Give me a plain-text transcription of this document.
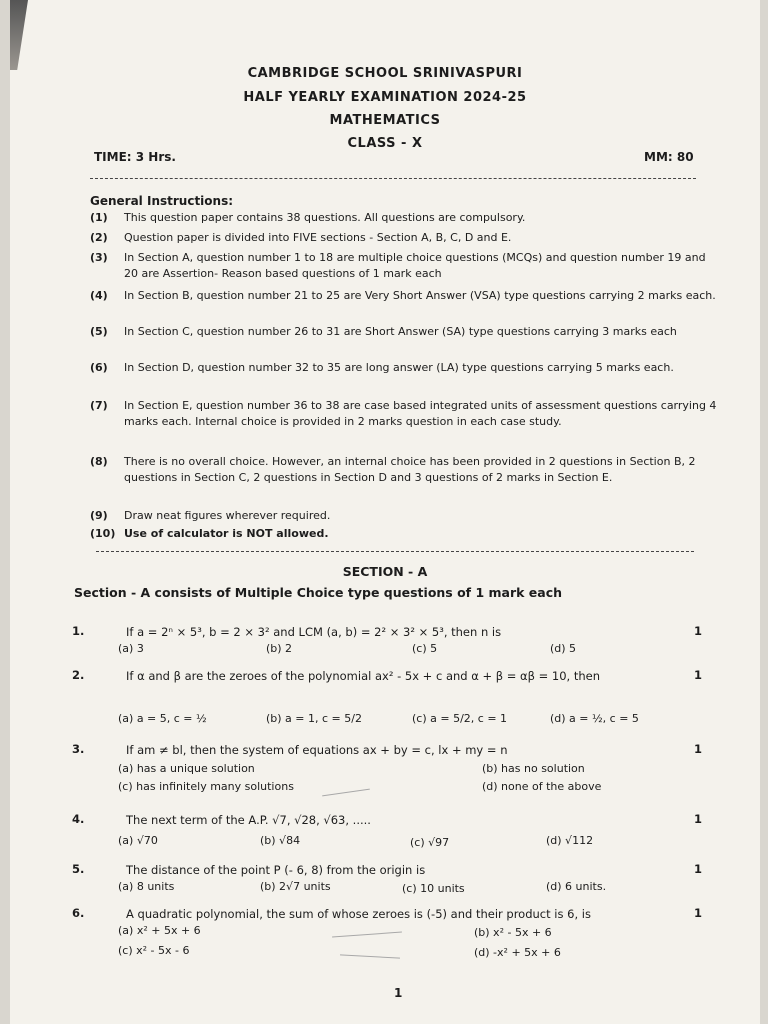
CAMBRIDGE SCHOOL SRINIVASPURI
HALF YEARLY EXAMINATION 2024-25
MATHEMATICS
CLASS - X
TIME: 3 Hrs.	MM: 80
General Instructions:
(1)	This question paper contains 38 questions. All questions are compulsory.
(2)	Question paper is divided into FIVE sections - Section A, B, C, D and E.
(3)	In Section A, question number 1 to 18 are multiple choice questions (MCQs) and question number 19 and 20 are Assertion- Reason based questions of 1 mark each
(4)	In Section B, question number 21 to 25 are Very Short Answer (VSA) type questions carrying 2 marks each.
(5)	In Section C, question number 26 to 31 are Short Answer (SA) type questions carrying 3 marks each
(6)	In Section D, question number 32 to 35 are long answer (LA) type questions carrying 5 marks each.
(7)	In Section E, question number 36 to 38 are case based integrated units of assessment questions carrying 4 marks each. Internal choice is provided in 2 marks question in each case study.
(8)	There is no overall choice. However, an internal choice has been provided in 2 questions in Section B, 2 questions in Section C, 2 questions in Section D and 3 questions of 2 marks in Section E.
(9)	Draw neat figures wherever required.
(10) Use of calculator is NOT allowed.
SECTION - A
Section - A consists of Multiple Choice type questions of 1 mark each
1.	If a = 2ⁿ × 5³, b = 2 × 3² and LCM (a, b) = 2² × 3² × 5³, then n is	1
(a) 3	(b) 2	(c) 5	(d) 5
2.	If α and β are the zeroes of the polynomial ax² - 5x + c and α + β = αβ = 10, then	1
(a) a = 5, c = ½	(b) a = 1, c = 5/2	(c) a = 5/2, c = 1	(d) a = ½, c = 5
3.	If am ≠ bl, then the system of equations ax + by = c, lx + my = n	1
(a) has a unique solution	(b) has no solution
(c) has infinitely many solutions	(d) none of the above
4.	The next term of the A.P. √7, √28, √63, .....	1
(a) √70	(b) √84	(c) √97	(d) √112
5.	The distance of the point P (- 6, 8) from the origin is	1
(a) 8 units	(b) 2√7 units	(c) 10 units	(d) 6 units.
6.	A quadratic polynomial, the sum of whose zeroes is (-5) and their product is 6, is	1
(a) x² + 5x + 6	(b) x² - 5x + 6
(c) x² - 5x - 6	(d) -x² + 5x + 6
1
